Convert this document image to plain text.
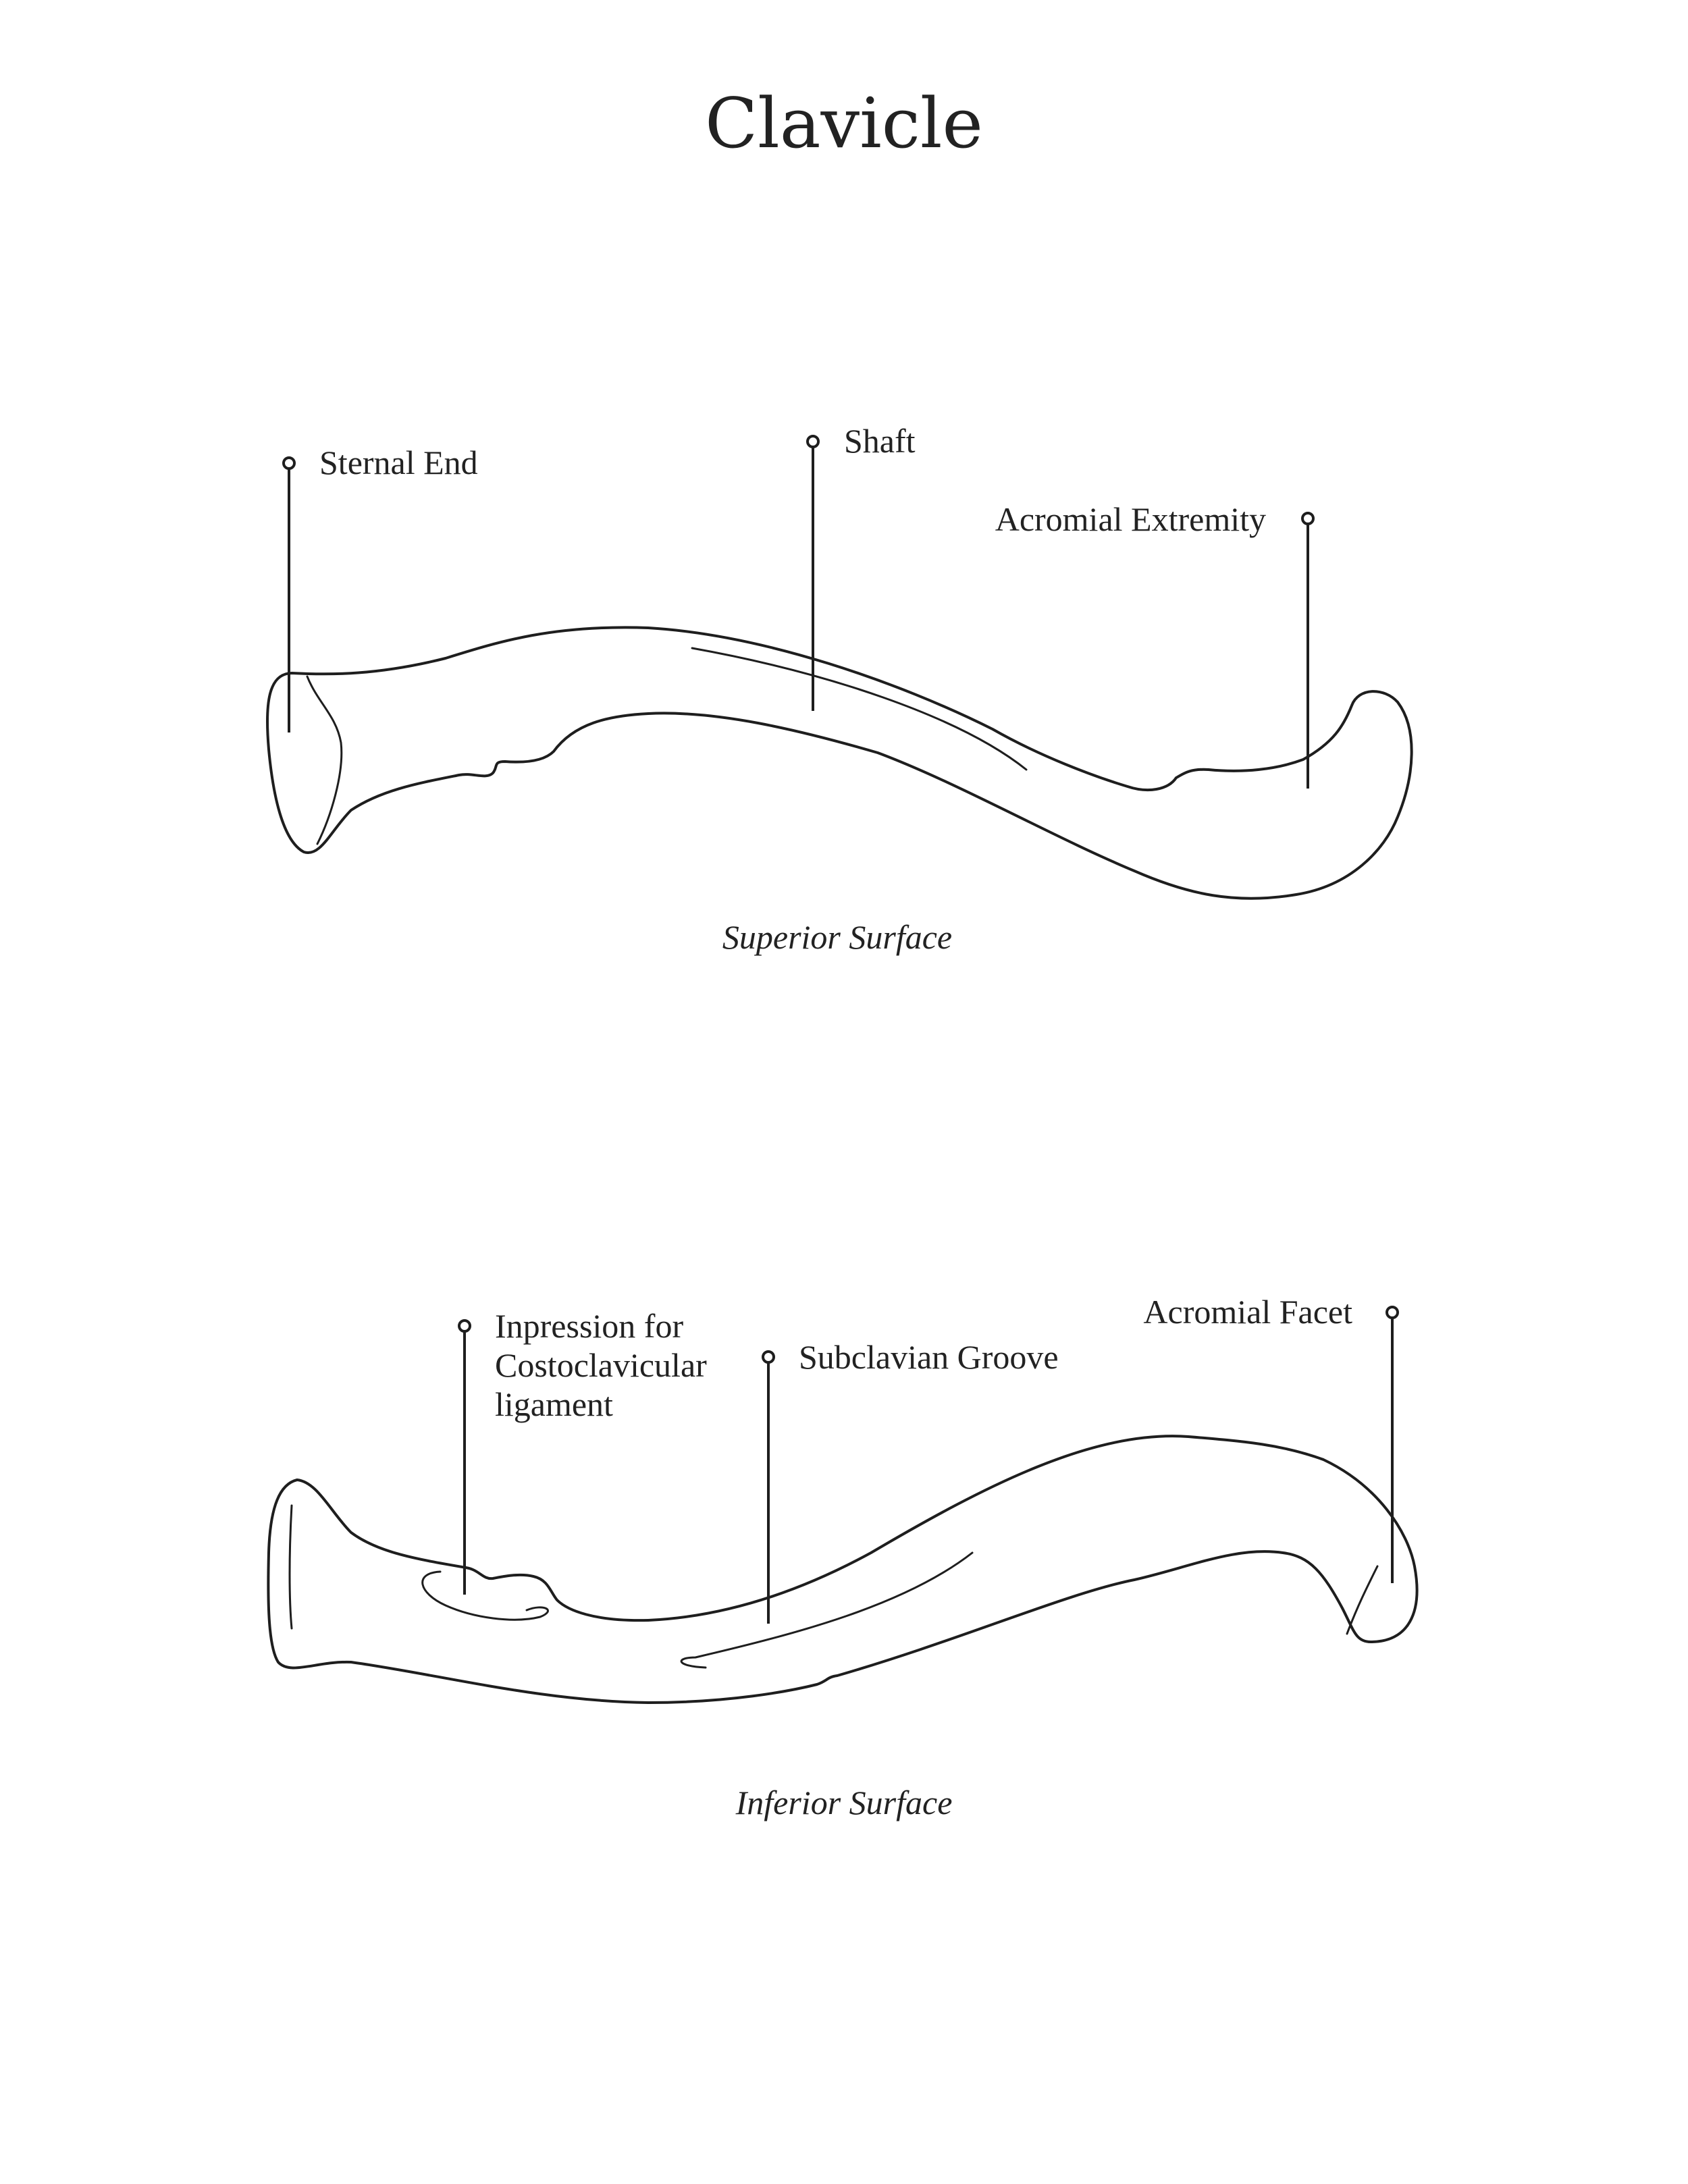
Clavicle
Sternal End
Shaft
Acromial Extremity
Superior Surface
Inpression for
Costoclavicular
ligament
Subclavian Groove
Acromial Facet
Inferior Surface
